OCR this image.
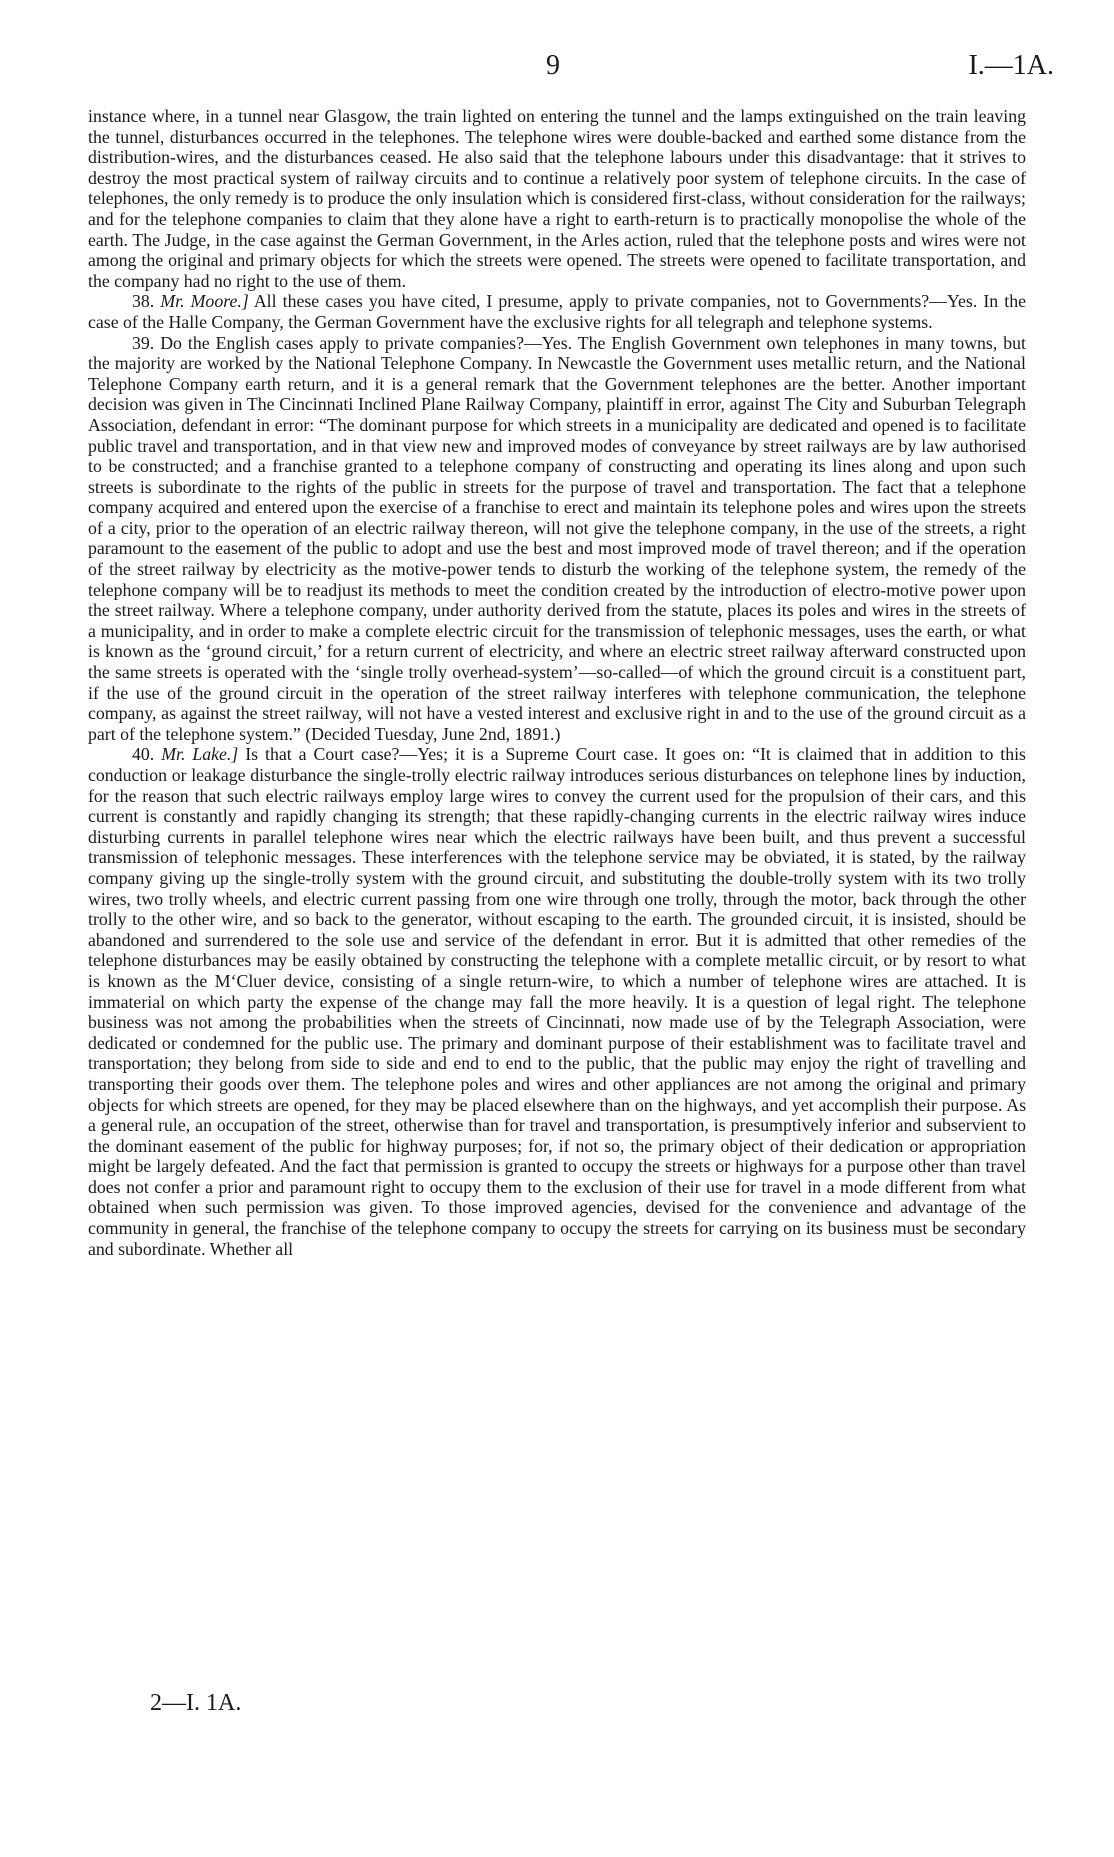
9	I.—1A.

instance where, in a tunnel near Glasgow, the train lighted on entering the tunnel and the lamps extinguished on the train leaving the tunnel, disturbances occurred in the telephones. The telephone wires were double-backed and earthed some distance from the distribution-wires, and the disturbances ceased. He also said that the telephone labours under this disadvantage: that it strives to destroy the most practical system of railway circuits and to continue a relatively poor system of telephone circuits. In the case of telephones, the only remedy is to produce the only insulation which is considered first-class, without consideration for the railways; and for the telephone companies to claim that they alone have a right to earth-return is to practically monopolise the whole of the earth. The Judge, in the case against the German Government, in the Arles action, ruled that the telephone posts and wires were not among the original and primary objects for which the streets were opened. The streets were opened to facilitate transportation, and the company had no right to the use of them.

38. Mr. Moore.] All these cases you have cited, I presume, apply to private companies, not to Governments?—Yes. In the case of the Halle Company, the German Government have the exclusive rights for all telegraph and telephone systems.

39. Do the English cases apply to private companies?—Yes. The English Government own telephones in many towns, but the majority are worked by the National Telephone Company. In Newcastle the Government uses metallic return, and the National Telephone Company earth return, and it is a general remark that the Government telephones are the better. Another important decision was given in The Cincinnati Inclined Plane Railway Company, plaintiff in error, against The City and Suburban Telegraph Association, defendant in error: “The dominant purpose for which streets in a municipality are dedicated and opened is to facilitate public travel and transportation, and in that view new and improved modes of conveyance by street railways are by law authorised to be constructed; and a franchise granted to a telephone company of constructing and operating its lines along and upon such streets is subordinate to the rights of the public in streets for the purpose of travel and transportation. The fact that a telephone company acquired and entered upon the exercise of a franchise to erect and maintain its telephone poles and wires upon the streets of a city, prior to the operation of an electric railway thereon, will not give the telephone company, in the use of the streets, a right paramount to the easement of the public to adopt and use the best and most improved mode of travel thereon; and if the operation of the street railway by electricity as the motive-power tends to disturb the working of the telephone system, the remedy of the telephone company will be to readjust its methods to meet the condition created by the introduction of electro-motive power upon the street railway. Where a telephone company, under authority derived from the statute, places its poles and wires in the streets of a municipality, and in order to make a complete electric circuit for the transmission of telephonic messages, uses the earth, or what is known as the ‘ground circuit,’ for a return current of electricity, and where an electric street railway afterward constructed upon the same streets is operated with the ‘single trolly overhead-system’—so-called—of which the ground circuit is a constituent part, if the use of the ground circuit in the operation of the street railway interferes with telephone communication, the telephone company, as against the street railway, will not have a vested interest and exclusive right in and to the use of the ground circuit as a part of the telephone system.” (Decided Tuesday, June 2nd, 1891.)

40. Mr. Lake.] Is that a Court case?—Yes; it is a Supreme Court case. It goes on: “It is claimed that in addition to this conduction or leakage disturbance the single-trolly electric railway introduces serious disturbances on telephone lines by induction, for the reason that such electric railways employ large wires to convey the current used for the propulsion of their cars, and this current is constantly and rapidly changing its strength; that these rapidly-changing currents in the electric railway wires induce disturbing currents in parallel telephone wires near which the electric railways have been built, and thus prevent a successful transmission of telephonic messages. These interferences with the telephone service may be obviated, it is stated, by the railway company giving up the single-trolly system with the ground circuit, and substituting the double-trolly system with its two trolly wires, two trolly wheels, and electric current passing from one wire through one trolly, through the motor, back through the other trolly to the other wire, and so back to the generator, without escaping to the earth. The grounded circuit, it is insisted, should be abandoned and surrendered to the sole use and service of the defendant in error. But it is admitted that other remedies of the telephone disturbances may be easily obtained by constructing the telephone with a complete metallic circuit, or by resort to what is known as the M‘Cluer device, consisting of a single return-wire, to which a number of telephone wires are attached. It is immaterial on which party the expense of the change may fall the more heavily. It is a question of legal right. The telephone business was not among the probabilities when the streets of Cincinnati, now made use of by the Telegraph Association, were dedicated or condemned for the public use. The primary and dominant purpose of their establishment was to facilitate travel and transportation; they belong from side to side and end to end to the public, that the public may enjoy the right of travelling and transporting their goods over them. The telephone poles and wires and other appliances are not among the original and primary objects for which streets are opened, for they may be placed elsewhere than on the highways, and yet accomplish their purpose. As a general rule, an occupation of the street, otherwise than for travel and transportation, is presumptively inferior and subservient to the dominant easement of the public for highway purposes; for, if not so, the primary object of their dedication or appropriation might be largely defeated. And the fact that permission is granted to occupy the streets or highways for a purpose other than travel does not confer a prior and paramount right to occupy them to the exclusion of their use for travel in a mode different from what obtained when such permission was given. To those improved agencies, devised for the convenience and advantage of the community in general, the franchise of the telephone company to occupy the streets for carrying on its business must be secondary and subordinate. Whether all

2—I. 1A.
